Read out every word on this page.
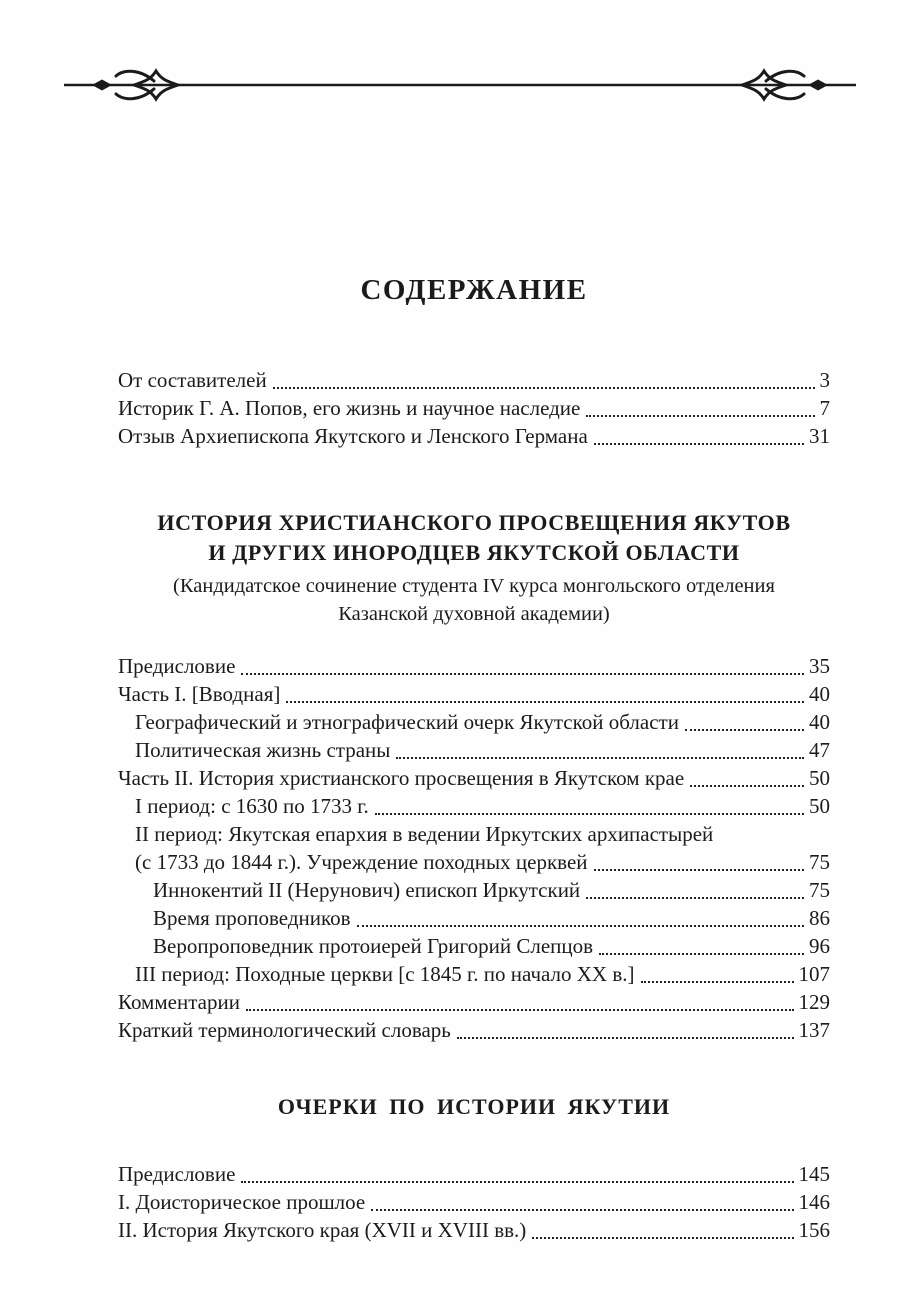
СОДЕРЖАНИЕ
От составителей	3
Историк Г. А. Попов, его жизнь и научное наследие	7
Отзыв Архиепископа Якутского и Ленского Германа	31
ИСТОРИЯ ХРИСТИАНСКОГО ПРОСВЕЩЕНИЯ ЯКУТОВ
И ДРУГИХ ИНОРОДЦЕВ ЯКУТСКОЙ ОБЛАСТИ
(Кандидатское сочинение студента IV курса монгольского отделения
Казанской духовной академии)
Предисловие	35
Часть I. [Вводная]	40
Географический и этнографический очерк Якутской области	40
Политическая жизнь страны	47
Часть II. История христианского просвещения в Якутском крае	50
I период: с 1630 по 1733 г.	50
II период: Якутская епархия в ведении Иркутских архипастырей
(с 1733 до 1844 г.). Учреждение походных церквей	75
Иннокентий II (Нерунович) епископ Иркутский	75
Время проповедников	86
Веропроповедник протоиерей Григорий Слепцов	96
III период: Походные церкви [с 1845 г. по начало XX в.]	107
Комментарии	129
Краткий терминологический словарь	137
ОЧЕРКИ ПО ИСТОРИИ ЯКУТИИ
Предисловие	145
I. Доисторическое прошлое	146
II. История Якутского края (XVII и XVIII вв.)	156
